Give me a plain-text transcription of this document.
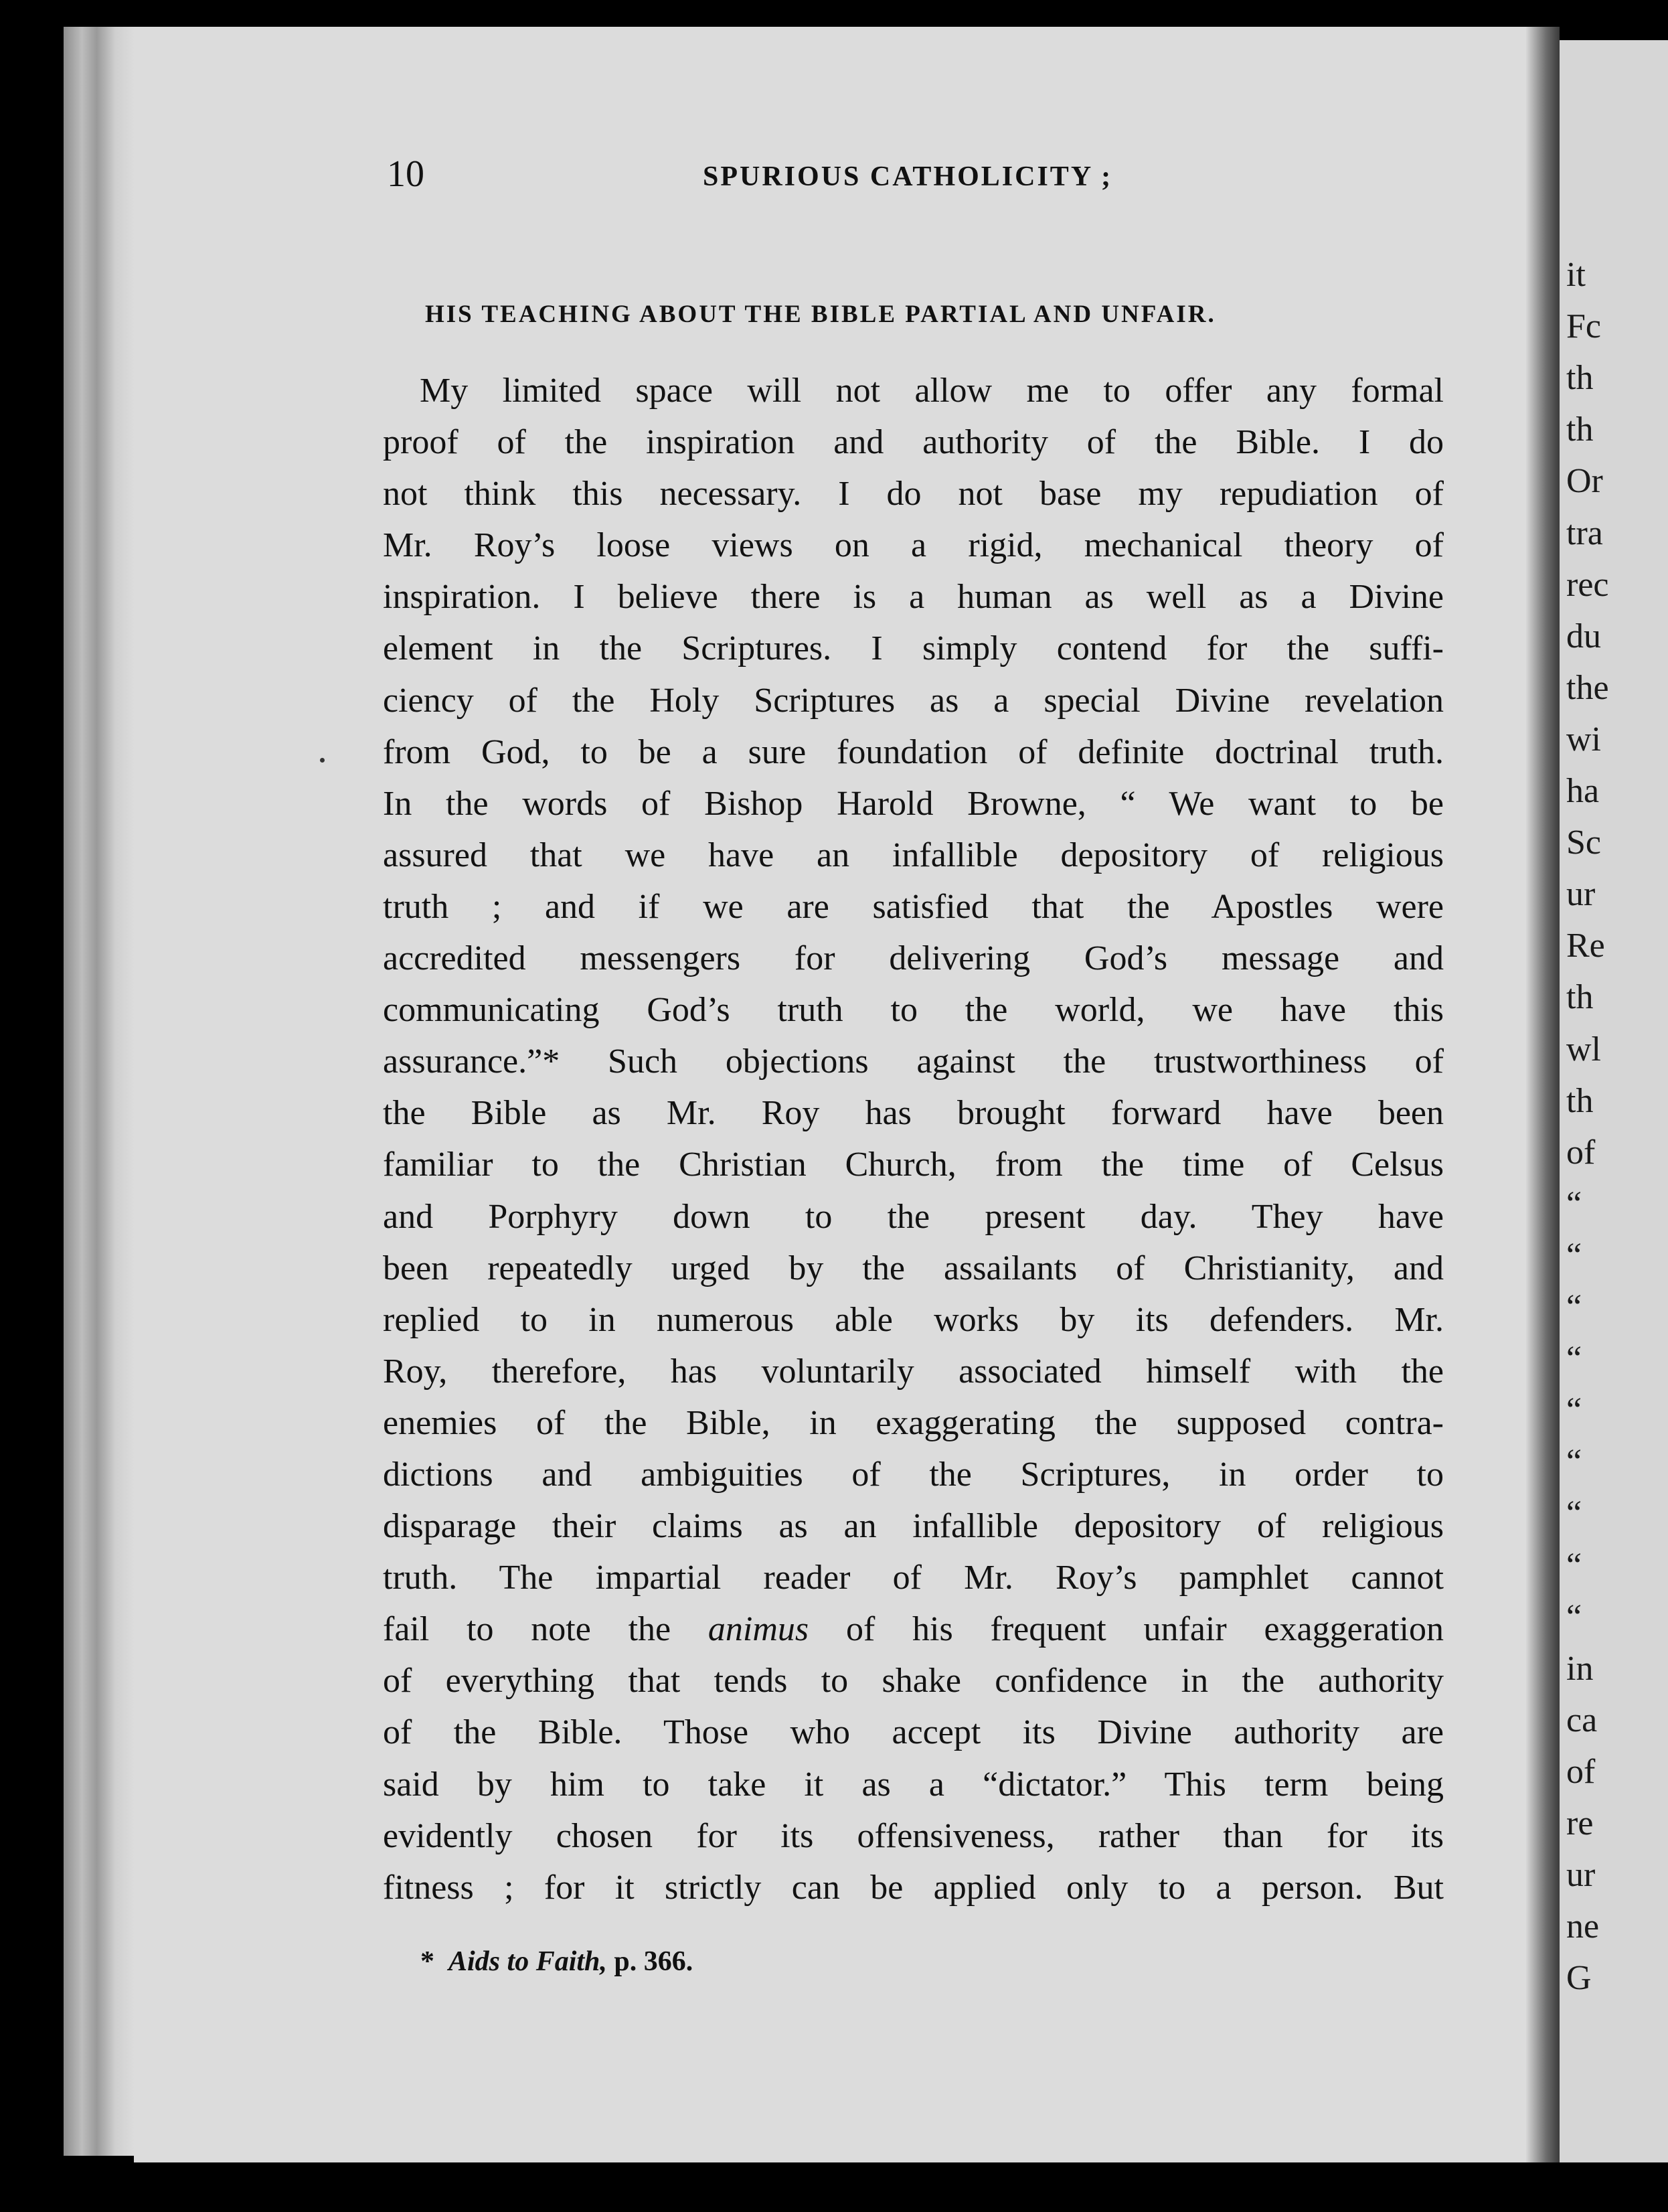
it
Fc
th
th
Or
tra
rec
du
the
wi
ha
Sc
ur
Re
th
wl
th
of
“
“
“
“
“
“
“
“
“
in
ca
of
re
ur
ne
G
10	SPURIOUS CATHOLICITY ;
HIS TEACHING ABOUT THE BIBLE PARTIAL AND UNFAIR.
My limited space will not allow me to offer any formal
proof of the inspiration and authority of the Bible. I do
not think this necessary. I do not base my repudiation of
Mr. Roy’s loose views on a rigid, mechanical theory of
inspiration. I believe there is a human as well as a Divine
element in the Scriptures. I simply contend for the suffi-
ciency of the Holy Scriptures as a special Divine revelation
from God, to be a sure foundation of definite doctrinal truth.
In the words of Bishop Harold Browne, “ We want to be
assured that we have an infallible depository of religious
truth ; and if we are satisfied that the Apostles were
accredited messengers for delivering God’s message and
communicating God’s truth to the world, we have this
assurance.”* Such objections against the trustworthiness of
the Bible as Mr. Roy has brought forward have been
familiar to the Christian Church, from the time of Celsus
and Porphyry down to the present day. They have
been repeatedly urged by the assailants of Christianity, and
replied to in numerous able works by its defenders. Mr.
Roy, therefore, has voluntarily associated himself with the
enemies of the Bible, in exaggerating the supposed contra-
dictions and ambiguities of the Scriptures, in order to
disparage their claims as an infallible depository of religious
truth. The impartial reader of Mr. Roy’s pamphlet cannot
fail to note the animus of his frequent unfair exaggeration
of everything that tends to shake confidence in the authority
of the Bible. Those who accept its Divine authority are
said by him to take it as a “dictator.” This term being
evidently chosen for its offensiveness, rather than for its
fitness ; for it strictly can be applied only to a person. But
* Aids to Faith, p. 366.
